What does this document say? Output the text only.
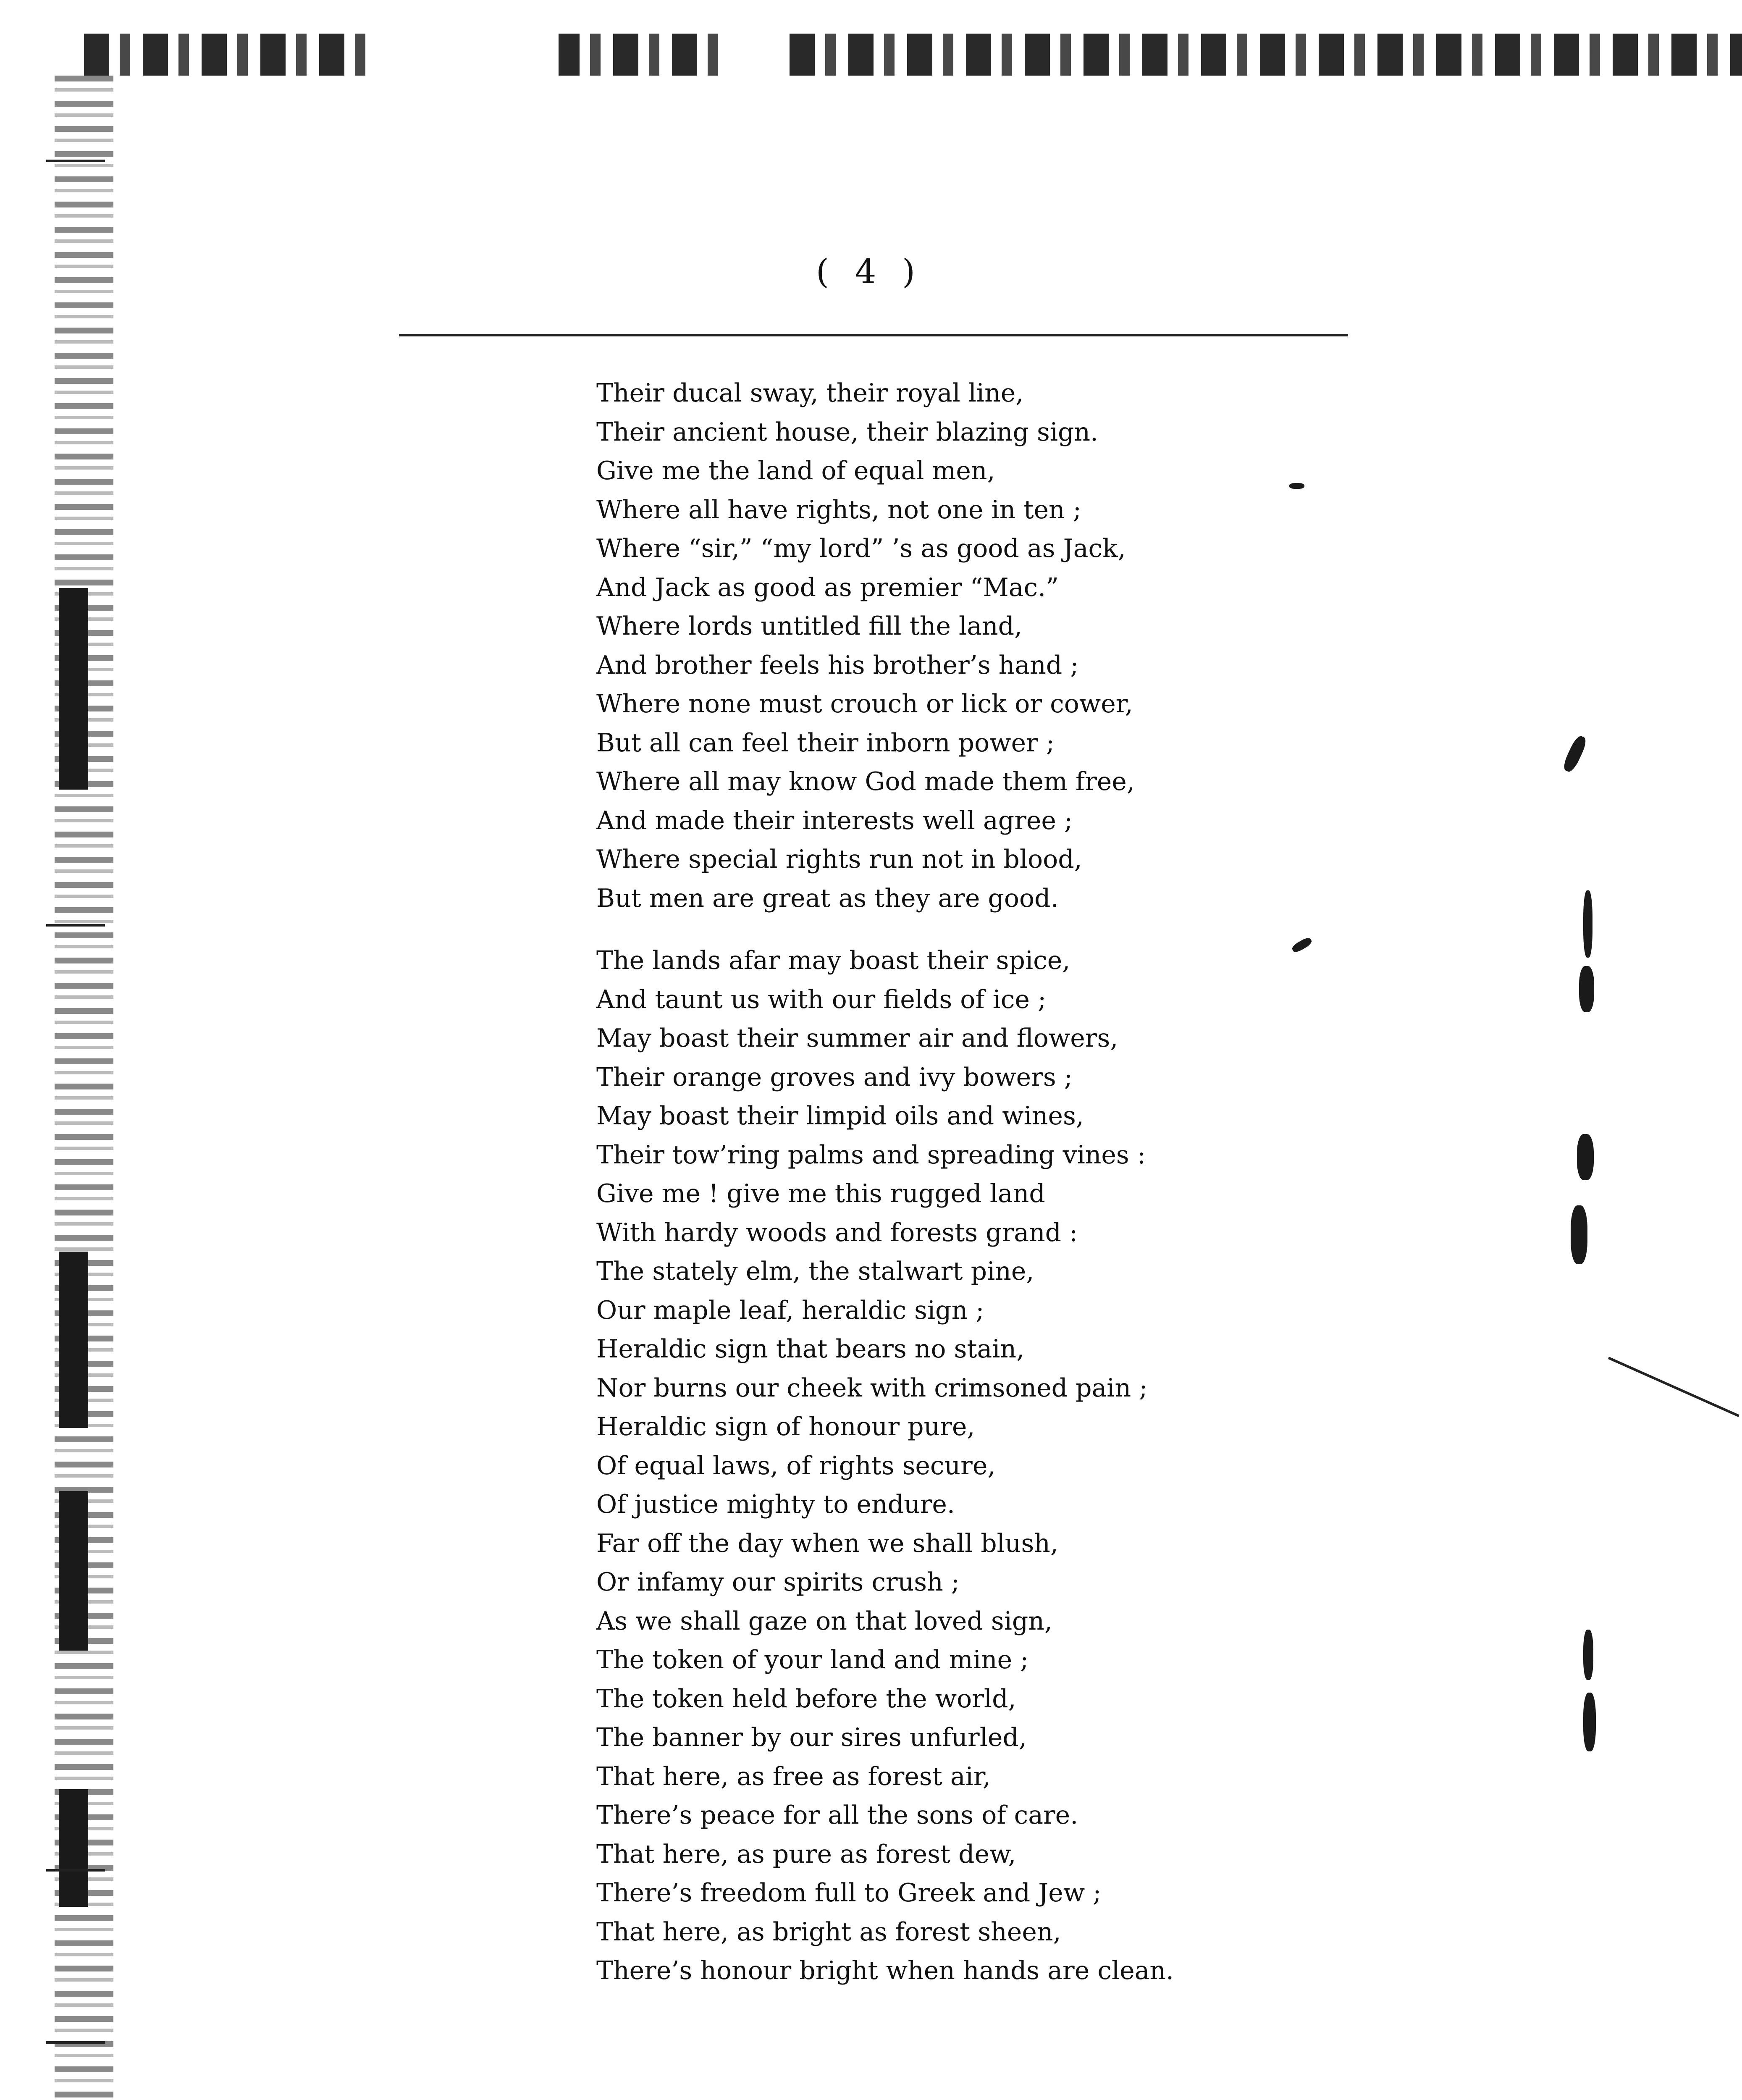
( 4 )
Their ducal sway, their royal line,
Their ancient house, their blazing sign.
Give me the land of equal men,
Where all have rights, not one in ten ;
Where “sir,” “my lord” ’s as good as Jack,
And Jack as good as premier “Mac.”
Where lords untitled fill the land,
And brother feels his brother’s hand ;
Where none must crouch or lick or cower,
But all can feel their inborn power ;
Where all may know God made them free,
And made their interests well agree ;
Where special rights run not in blood,
But men are great as they are good.
The lands afar may boast their spice,
And taunt us with our fields of ice ;
May boast their summer air and flowers,
Their orange groves and ivy bowers ;
May boast their limpid oils and wines,
Their tow’ring palms and spreading vines :
Give me ! give me this rugged land
With hardy woods and forests grand :
The stately elm, the stalwart pine,
Our maple leaf, heraldic sign ;
Heraldic sign that bears no stain,
Nor burns our cheek with crimsoned pain ;
Heraldic sign of honour pure,
Of equal laws, of rights secure,
Of justice mighty to endure.
Far off the day when we shall blush,
Or infamy our spirits crush ;
As we shall gaze on that loved sign,
The token of your land and mine ;
The token held before the world,
The banner by our sires unfurled,
That here, as free as forest air,
There’s peace for all the sons of care.
That here, as pure as forest dew,
There’s freedom full to Greek and Jew ;
That here, as bright as forest sheen,
There’s honour bright when hands are clean.
